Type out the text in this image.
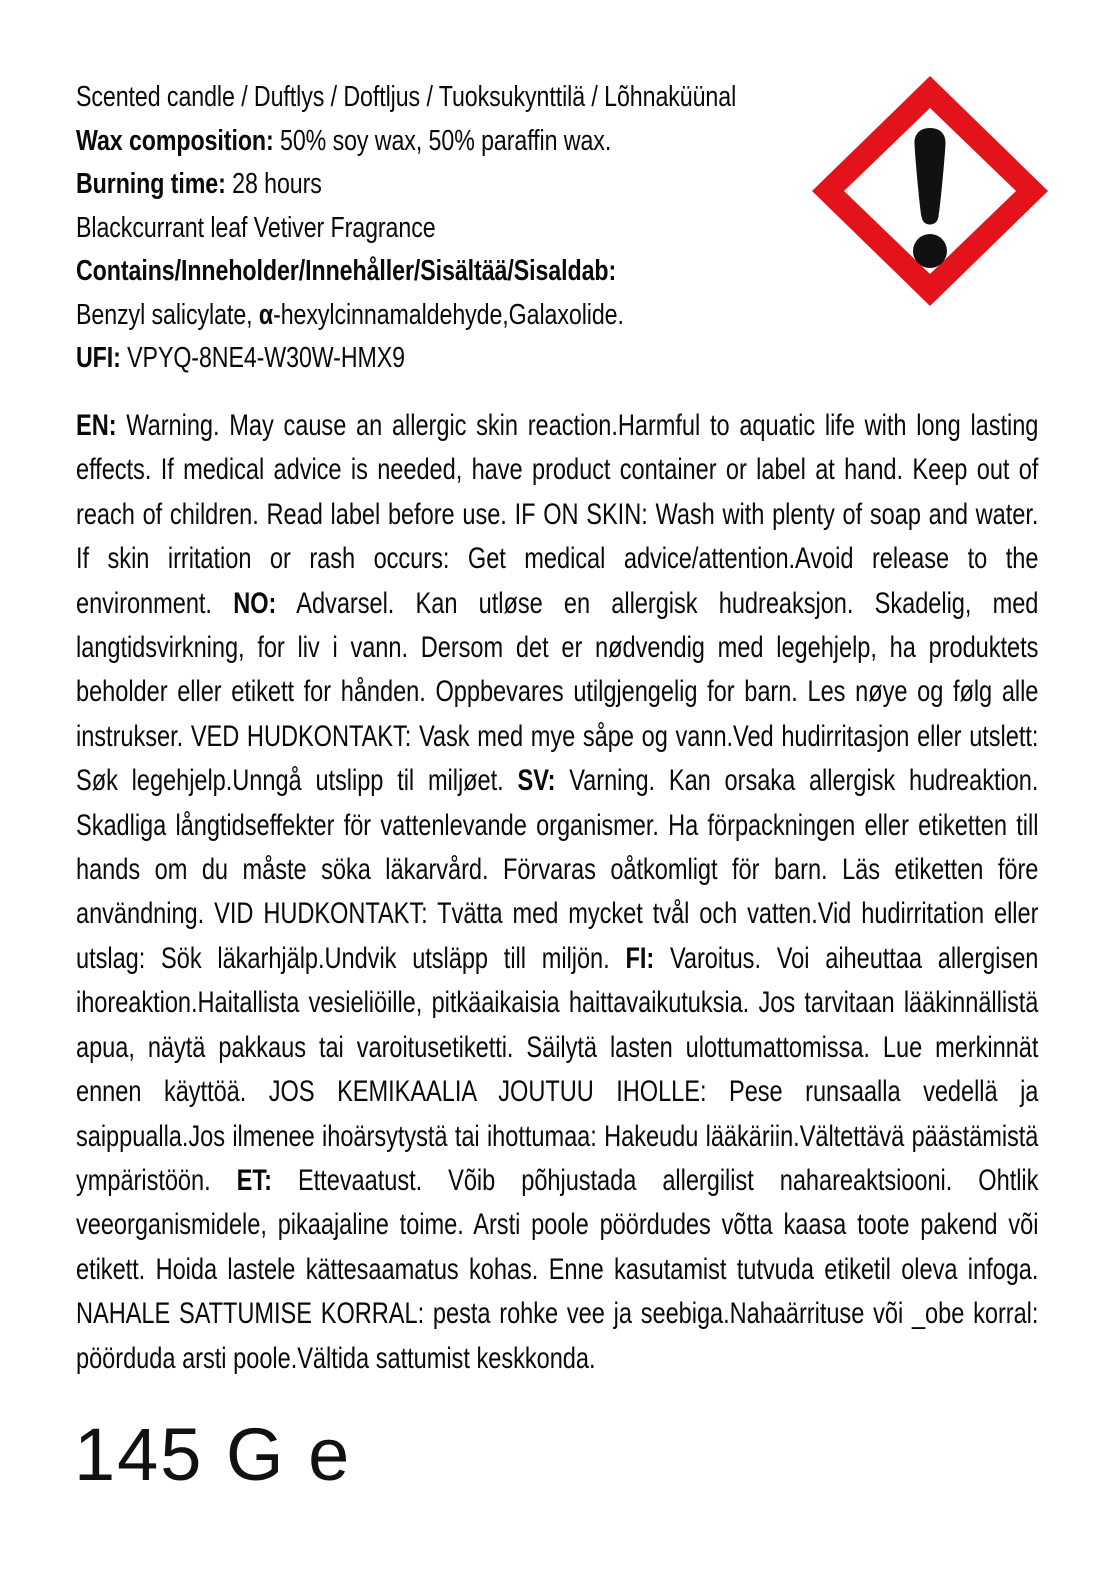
Scented candle / Duftlys / Doftljus / Tuoksukynttilä / Lõhnaküünal
Wax composition: 50% soy wax, 50% paraffin wax.
Burning time: 28 hours
Blackcurrant leaf Vetiver Fragrance
Contains/Inneholder/Innehåller/Sisältää/Sisaldab:
Benzyl salicylate, α-hexylcinnamaldehyde,Galaxolide.
UFI: VPYQ-8NE4-W30W-HMX9
EN: Warning. May cause an allergic skin reaction.Harmful to aquatic life with long lasting effects. If medical advice is needed, have product container or label at hand. Keep out of reach of children. Read label before use. IF ON SKIN: Wash with plenty of soap and water. If skin irritation or rash occurs: Get medical advice/attention.Avoid release to the environment. NO: Advarsel. Kan utløse en allergisk hudreaksjon. Skadelig, med langtidsvirkning, for liv i vann. Dersom det er nødvendig med legehjelp, ha produktets beholder eller etikett for hånden. Oppbevares utilgjengelig for barn. Les nøye og følg alle instrukser. VED HUDKONTAKT: Vask med mye såpe og vann.Ved hudirritasjon eller utslett: Søk legehjelp.Unngå utslipp til miljøet. SV: Varning. Kan orsaka allergisk hudreaktion. Skadliga långtidseffekter för vattenlevande organismer. Ha förpackningen eller etiketten till hands om du måste söka läkarvård. Förvaras oåtkomligt för barn. Läs etiketten före användning. VID HUDKONTAKT: Tvätta med mycket tvål och vatten.Vid hudirritation eller utslag: Sök läkarhjälp.Undvik utsläpp till miljön. FI: Varoitus. Voi aiheuttaa allergisen ihoreaktion.Haitallista vesieliöille, pitkäaikaisia haittavaikutuksia. Jos tarvitaan lääkinnällistä apua, näytä pakkaus tai varoitusetiketti. Säilytä lasten ulottumattomissa. Lue merkinnät ennen käyttöä. JOS KEMIKAALIA JOUTUU IHOLLE: Pese runsaalla vedellä ja saippualla.Jos ilmenee ihoärsytystä tai ihottumaa: Hakeudu lääkäriin.Vältettävä päästämistä ympäristöön. ET: Ettevaatust. Võib põhjustada allergilist nahareaktsiooni. Ohtlik veeorganismidele, pikaajaline toime. Arsti poole pöördudes võtta kaasa toote pakend või etikett. Hoida lastele kättesaamatus kohas. Enne kasutamist tutvuda etiketil oleva infoga. NAHALE SATTUMISE KORRAL: pesta rohke vee ja seebiga.Nahaärrituse või _obe korral: pöörduda arsti poole.Vältida sattumist keskkonda.
145 G e
